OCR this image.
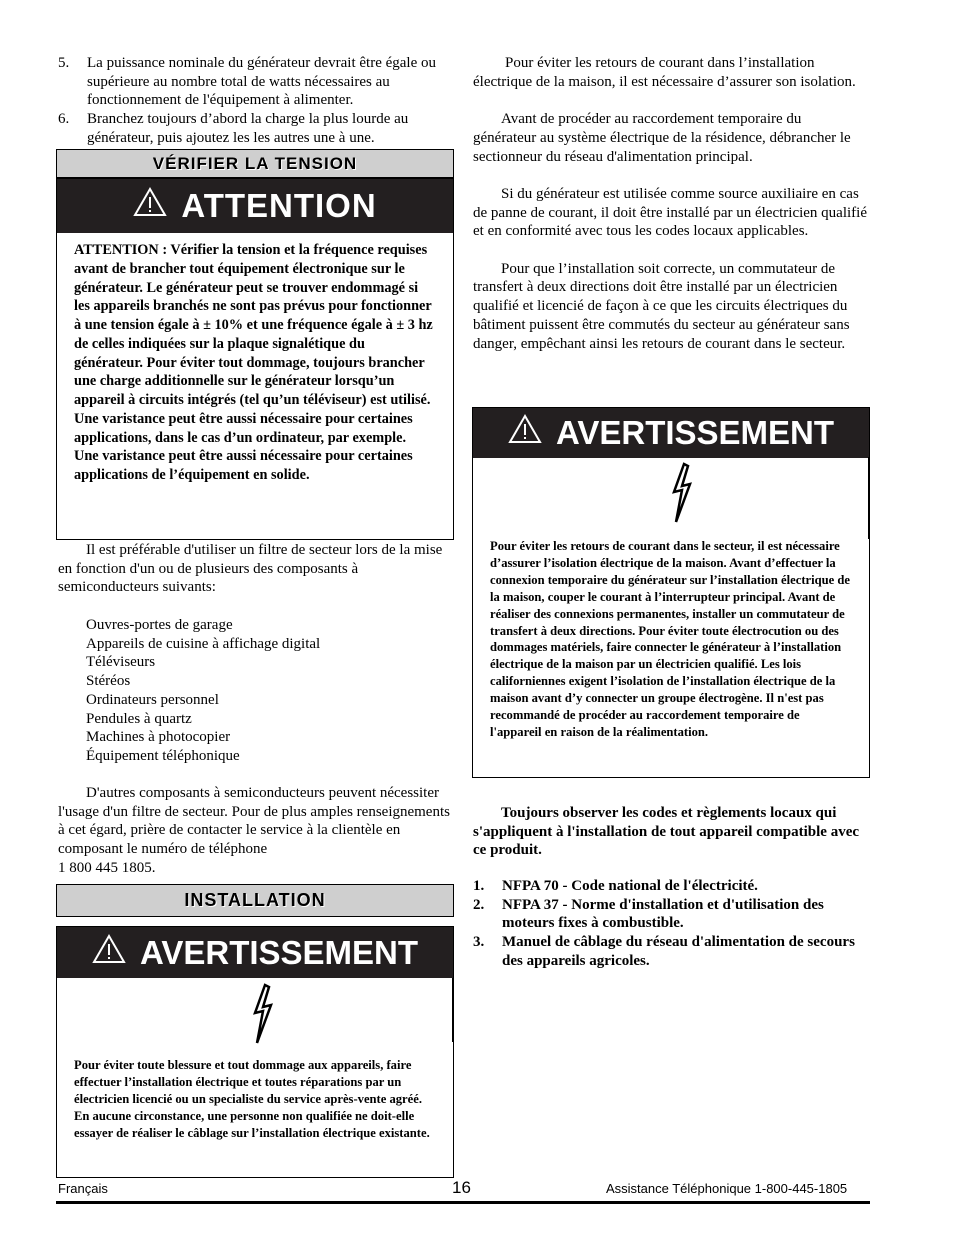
5.	La puissance nominale du générateur devrait être égale ou supérieure au nombre total de watts nécessaires au fonctionnement de l'équipement à alimenter.
6.	Branchez toujours d’abord la charge la plus lourde au générateur, puis ajoutez les les autres une à une.
VÉRIFIER LA TENSION
ATTENTION
ATTENTION : Vérifier la tension et la fréquence requises avant de brancher tout équipement électronique sur le générateur. Le générateur peut se trouver endommagé si les appareils branchés ne sont pas prévus pour fonctionner à une tension égale à ± 10% et une fréquence égale à ± 3 hz de celles indiquées sur la plaque signalétique du générateur. Pour éviter tout dommage, toujours brancher une charge additionnelle sur le générateur lorsqu’un appareil à circuits intégrés (tel qu’un téléviseur) est utilisé. Une varistance peut être aussi nécessaire pour certaines applications, dans le cas d’un ordinateur, par exemple. Une varistance peut être aussi nécessaire pour certaines applications de l’équipement en solide.

Il est préférable d'utiliser un filtre de secteur lors de la mise en fonction d'un ou de plusieurs des composants à semiconducteurs suivants:

Ouvres-portes de garage
Appareils de cuisine à affichage digital
Téléviseurs
Stéréos
Ordinateurs personnel
Pendules à quartz
Machines à photocopier
Équipement téléphonique

D'autres composants à semiconducteurs peuvent nécessiter l'usage d'un filtre de secteur. Pour de plus amples renseignements à cet égard, prière de contacter le service à la clientèle en composant le numéro de téléphone

1 800 445 1805.
INSTALLATION
AVERTISSEMENT
Pour éviter toute blessure et tout dommage aux appareils, faire effectuer l’installation électrique et toutes réparations par un électricien licencié ou un specialiste du service après-vente agréé. En aucune circonstance, une personne non qualifiée ne doit-elle essayer de réaliser le câblage sur l’installation électrique existante.

Pour éviter les retours de courant dans l’installation électrique de la maison, il est nécessaire d’assurer son isolation.

Avant de procéder au raccordement temporaire du générateur au système électrique de la résidence, débrancher le sectionneur du réseau d'alimentation principal.

Si du générateur est utilisée comme source auxiliaire en cas de panne de courant, il doit être installé par un électricien qualifié et en conformité avec tous les codes locaux applicables.

Pour que l’installation soit correcte, un commutateur de transfert à deux directions doit être installé par un électricien qualifié et licencié de façon à ce que les circuits électriques du bâtiment puissent être commutés du secteur au générateur sans danger, empêchant ainsi les retours de courant dans le secteur.

AVERTISSEMENT
Pour éviter les retours de courant dans le secteur, il est nécessaire d’assurer l’isolation électrique de la maison. Avant d’effectuer la connexion temporaire du générateur sur l’installation électrique de la maison, couper le courant à l’interrupteur principal. Avant de réaliser des connexions permanentes, installer un commutateur de transfert à deux directions. Pour éviter toute électrocution ou des dommages matériels, faire connecter le générateur à l’installation électrique de la maison par un électricien qualifié. Les lois californiennes exigent l’isolation de l’installation électrique de la maison avant d’y connecter un groupe électrogène. Il n'est pas recommandé de procéder au raccordement temporaire de l'appareil en raison de la réalimentation.

Toujours observer les codes et règlements locaux qui s'appliquent à l'installation de tout appareil compatible avec ce produit.

1.	NFPA 70 - Code national de l'électricité.
2.	NFPA 37 - Norme d'installation et d'utilisation des moteurs fixes à combustible.
3.	Manuel de câblage du réseau d'alimentation de secours des appareils agricoles.
Français	16	Assistance Téléphonique 1-800-445-1805
